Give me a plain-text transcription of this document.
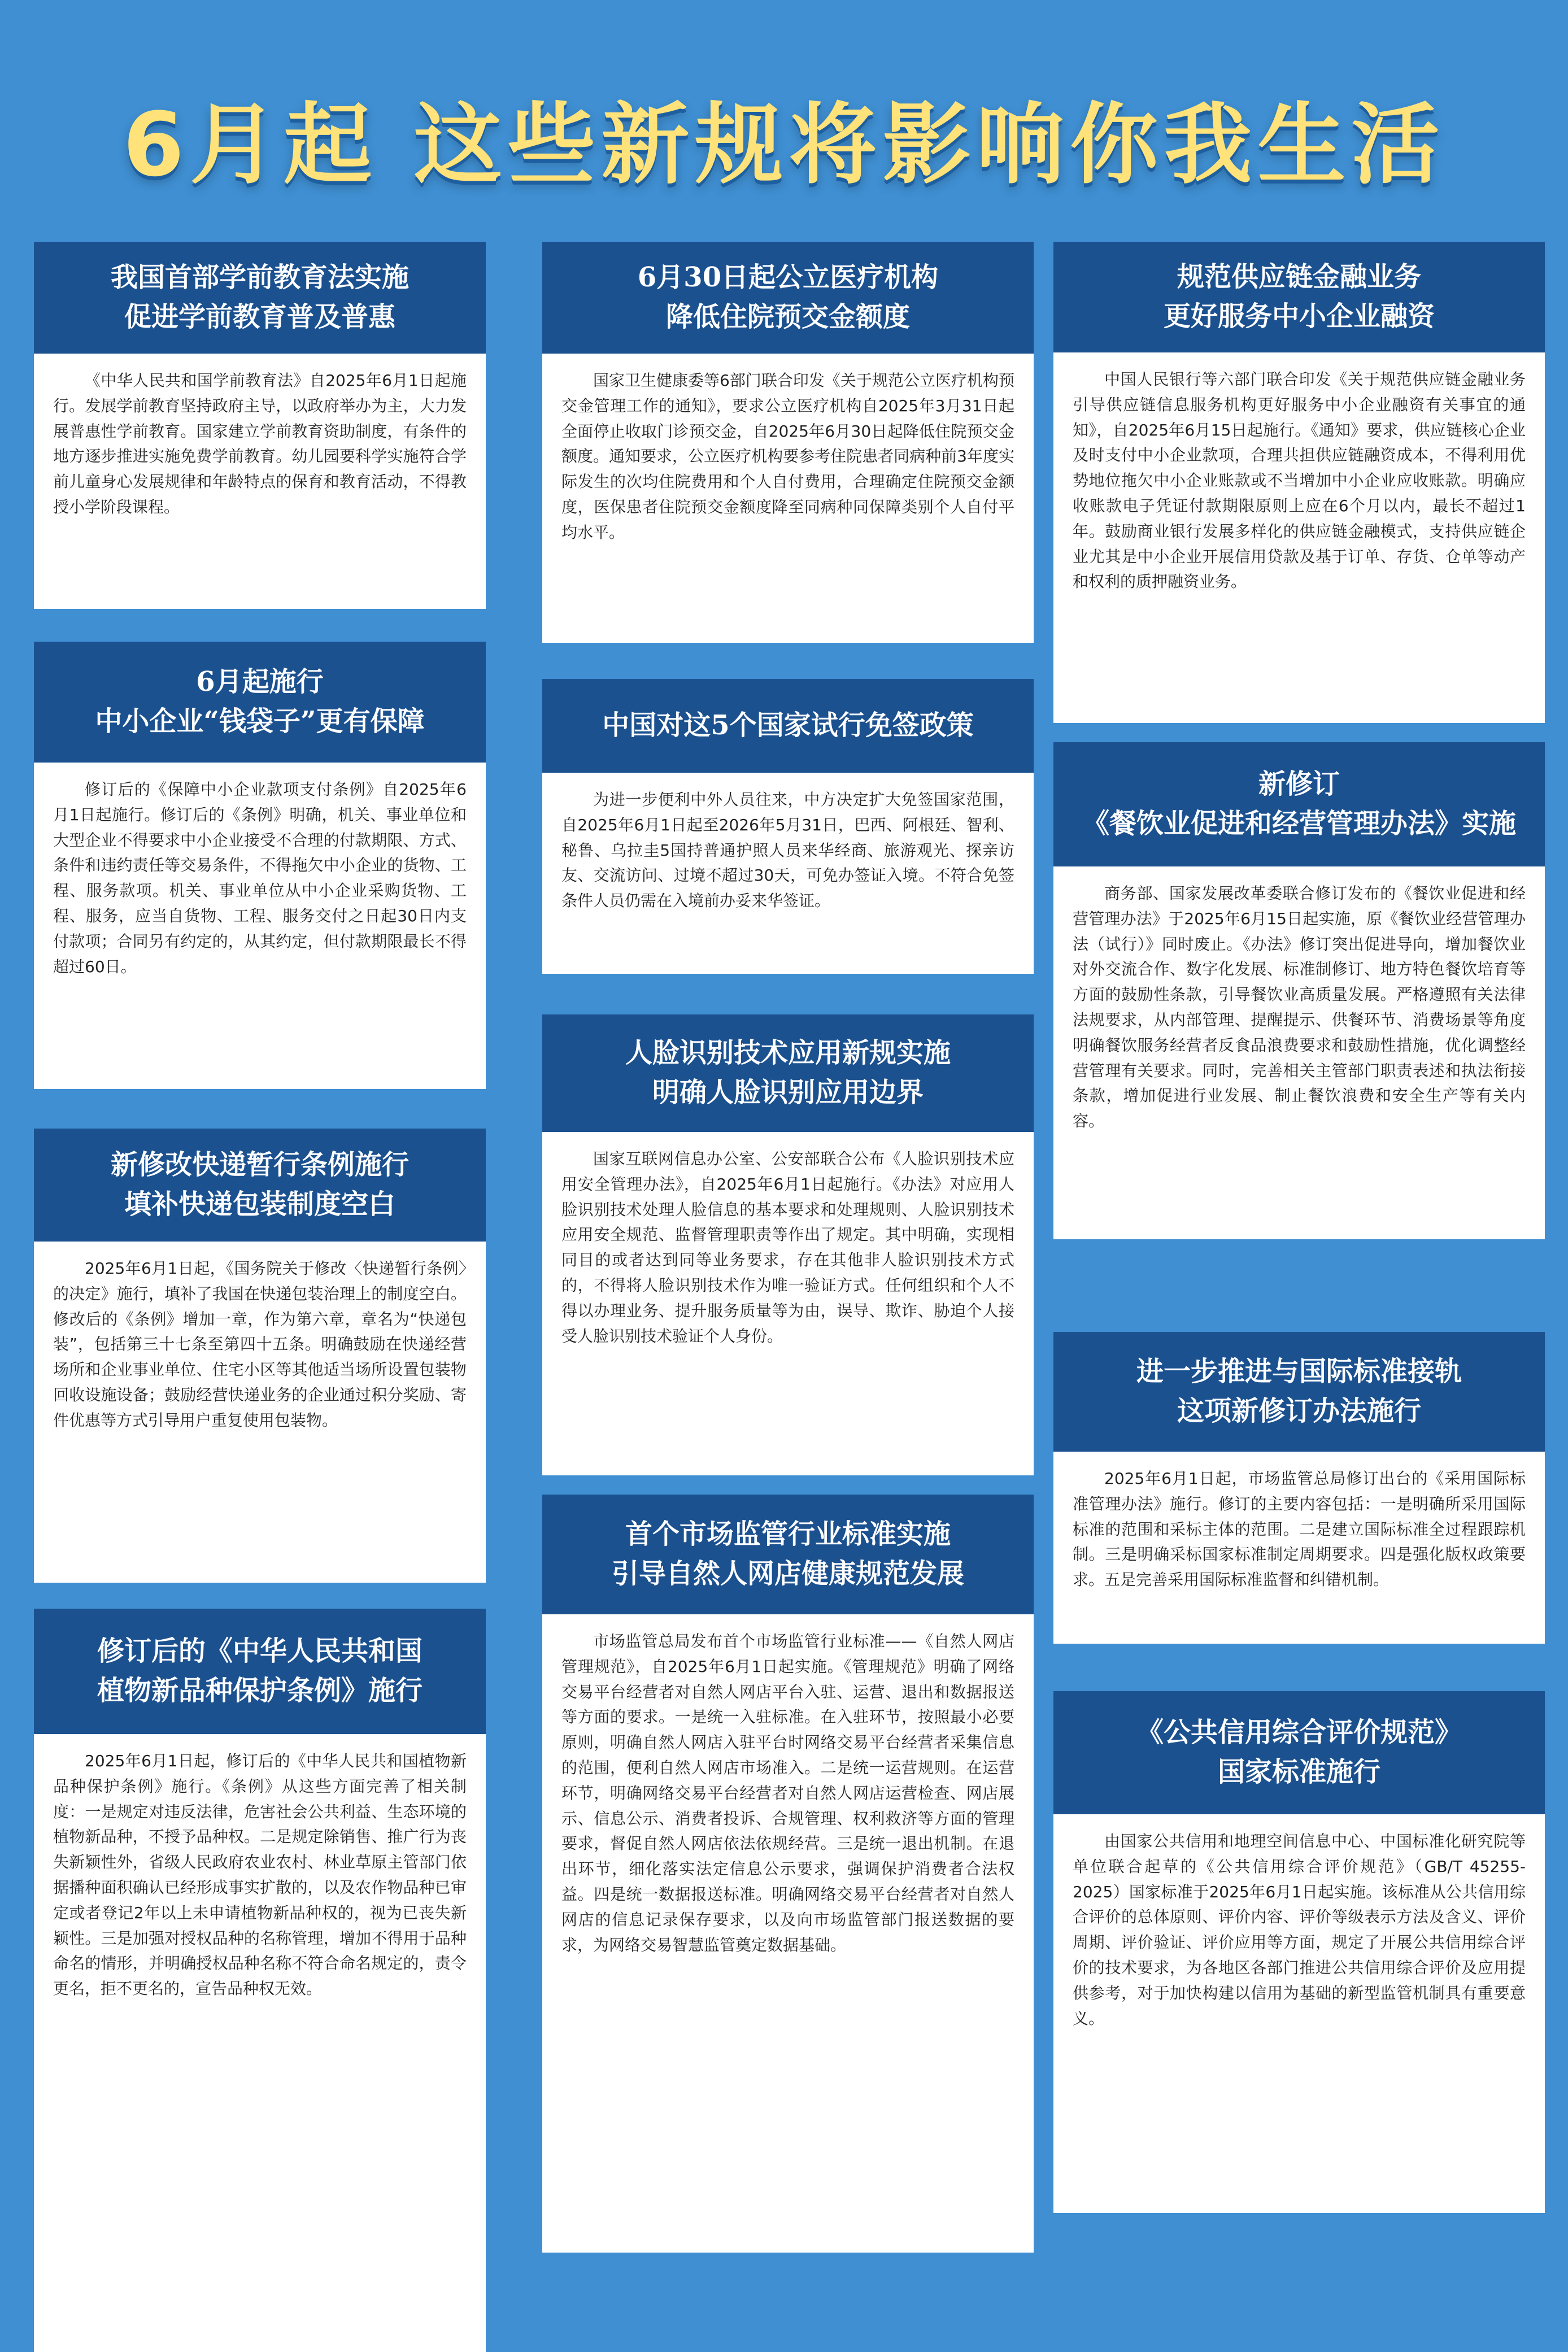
6月起 这些新规将影响你我生活
我国首部学前教育法实施
促进学前教育普及普惠
《中华人民共和国学前教育法》自2025年6月1日起施行。发展学前教育坚持政府主导，以政府举办为主，大力发展普惠性学前教育。国家建立学前教育资助制度，有条件的地方逐步推进实施免费学前教育。幼儿园要科学实施符合学前儿童身心发展规律和年龄特点的保育和教育活动，不得教授小学阶段课程。
6月起施行
中小企业“钱袋子”更有保障
修订后的《保障中小企业款项支付条例》自2025年6月1日起施行。修订后的《条例》明确，机关、事业单位和大型企业不得要求中小企业接受不合理的付款期限、方式、条件和违约责任等交易条件，不得拖欠中小企业的货物、工程、服务款项。机关、事业单位从中小企业采购货物、工程、服务，应当自货物、工程、服务交付之日起30日内支付款项；合同另有约定的，从其约定，但付款期限最长不得超过60日。
新修改快递暂行条例施行
填补快递包装制度空白
2025年6月1日起，《国务院关于修改〈快递暂行条例〉的决定》施行，填补了我国在快递包装治理上的制度空白。修改后的《条例》增加一章，作为第六章，章名为“快递包装”，包括第三十七条至第四十五条。明确鼓励在快递经营场所和企业事业单位、住宅小区等其他适当场所设置包装物回收设施设备；鼓励经营快递业务的企业通过积分奖励、寄件优惠等方式引导用户重复使用包装物。
修订后的《中华人民共和国
植物新品种保护条例》施行
2025年6月1日起，修订后的《中华人民共和国植物新品种保护条例》施行。《条例》从这些方面完善了相关制度：一是规定对违反法律，危害社会公共利益、生态环境的植物新品种，不授予品种权。二是规定除销售、推广行为丧失新颖性外，省级人民政府农业农村、林业草原主管部门依据播种面积确认已经形成事实扩散的，以及农作物品种已审定或者登记2年以上未申请植物新品种权的，视为已丧失新颖性。三是加强对授权品种的名称管理，增加不得用于品种命名的情形，并明确授权品种名称不符合命名规定的，责令更名，拒不更名的，宣告品种权无效。
6月30日起公立医疗机构
降低住院预交金额度
国家卫生健康委等6部门联合印发《关于规范公立医疗机构预交金管理工作的通知》，要求公立医疗机构自2025年3月31日起全面停止收取门诊预交金，自2025年6月30日起降低住院预交金额度。通知要求，公立医疗机构要参考住院患者同病种前3年度实际发生的次均住院费用和个人自付费用，合理确定住院预交金额度，医保患者住院预交金额度降至同病种同保障类别个人自付平均水平。
中国对这5个国家试行免签政策
为进一步便利中外人员往来，中方决定扩大免签国家范围，自2025年6月1日起至2026年5月31日，巴西、阿根廷、智利、秘鲁、乌拉圭5国持普通护照人员来华经商、旅游观光、探亲访友、交流访问、过境不超过30天，可免办签证入境。不符合免签条件人员仍需在入境前办妥来华签证。
人脸识别技术应用新规实施
明确人脸识别应用边界
国家互联网信息办公室、公安部联合公布《人脸识别技术应用安全管理办法》，自2025年6月1日起施行。《办法》对应用人脸识别技术处理人脸信息的基本要求和处理规则、人脸识别技术应用安全规范、监督管理职责等作出了规定。其中明确，实现相同目的或者达到同等业务要求，存在其他非人脸识别技术方式的，不得将人脸识别技术作为唯一验证方式。任何组织和个人不得以办理业务、提升服务质量等为由，误导、欺诈、胁迫个人接受人脸识别技术验证个人身份。
首个市场监管行业标准实施
引导自然人网店健康规范发展
市场监管总局发布首个市场监管行业标准——《自然人网店管理规范》，自2025年6月1日起实施。《管理规范》明确了网络交易平台经营者对自然人网店平台入驻、运营、退出和数据报送等方面的要求。一是统一入驻标准。在入驻环节，按照最小必要原则，明确自然人网店入驻平台时网络交易平台经营者采集信息的范围，便利自然人网店市场准入。二是统一运营规则。在运营环节，明确网络交易平台经营者对自然人网店运营检查、网店展示、信息公示、消费者投诉、合规管理、权利救济等方面的管理要求，督促自然人网店依法依规经营。三是统一退出机制。在退出环节，细化落实法定信息公示要求，强调保护消费者合法权益。四是统一数据报送标准。明确网络交易平台经营者对自然人网店的信息记录保存要求，以及向市场监管部门报送数据的要求，为网络交易智慧监管奠定数据基础。
规范供应链金融业务
更好服务中小企业融资
中国人民银行等六部门联合印发《关于规范供应链金融业务 引导供应链信息服务机构更好服务中小企业融资有关事宜的通知》，自2025年6月15日起施行。《通知》要求，供应链核心企业及时支付中小企业款项，合理共担供应链融资成本，不得利用优势地位拖欠中小企业账款或不当增加中小企业应收账款。明确应收账款电子凭证付款期限原则上应在6个月以内，最长不超过1年。鼓励商业银行发展多样化的供应链金融模式，支持供应链企业尤其是中小企业开展信用贷款及基于订单、存货、仓单等动产和权利的质押融资业务。
新修订
《餐饮业促进和经营管理办法》实施
商务部、国家发展改革委联合修订发布的《餐饮业促进和经营管理办法》于2025年6月15日起实施，原《餐饮业经营管理办法（试行）》同时废止。《办法》修订突出促进导向，增加餐饮业对外交流合作、数字化发展、标准制修订、地方特色餐饮培育等方面的鼓励性条款，引导餐饮业高质量发展。严格遵照有关法律法规要求，从内部管理、提醒提示、供餐环节、消费场景等角度明确餐饮服务经营者反食品浪费要求和鼓励性措施，优化调整经营管理有关要求。同时，完善相关主管部门职责表述和执法衔接条款，增加促进行业发展、制止餐饮浪费和安全生产等有关内容。
进一步推进与国际标准接轨
这项新修订办法施行
2025年6月1日起，市场监管总局修订出台的《采用国际标准管理办法》施行。修订的主要内容包括：一是明确所采用国际标准的范围和采标主体的范围。二是建立国际标准全过程跟踪机制。三是明确采标国家标准制定周期要求。四是强化版权政策要求。五是完善采用国际标准监督和纠错机制。
《公共信用综合评价规范》
国家标准施行
由国家公共信用和地理空间信息中心、中国标准化研究院等单位联合起草的《公共信用综合评价规范》（GB/T 45255-2025）国家标准于2025年6月1日起实施。该标准从公共信用综合评价的总体原则、评价内容、评价等级表示方法及含义、评价周期、评价验证、评价应用等方面，规定了开展公共信用综合评价的技术要求，为各地区各部门推进公共信用综合评价及应用提供参考，对于加快构建以信用为基础的新型监管机制具有重要意义。
